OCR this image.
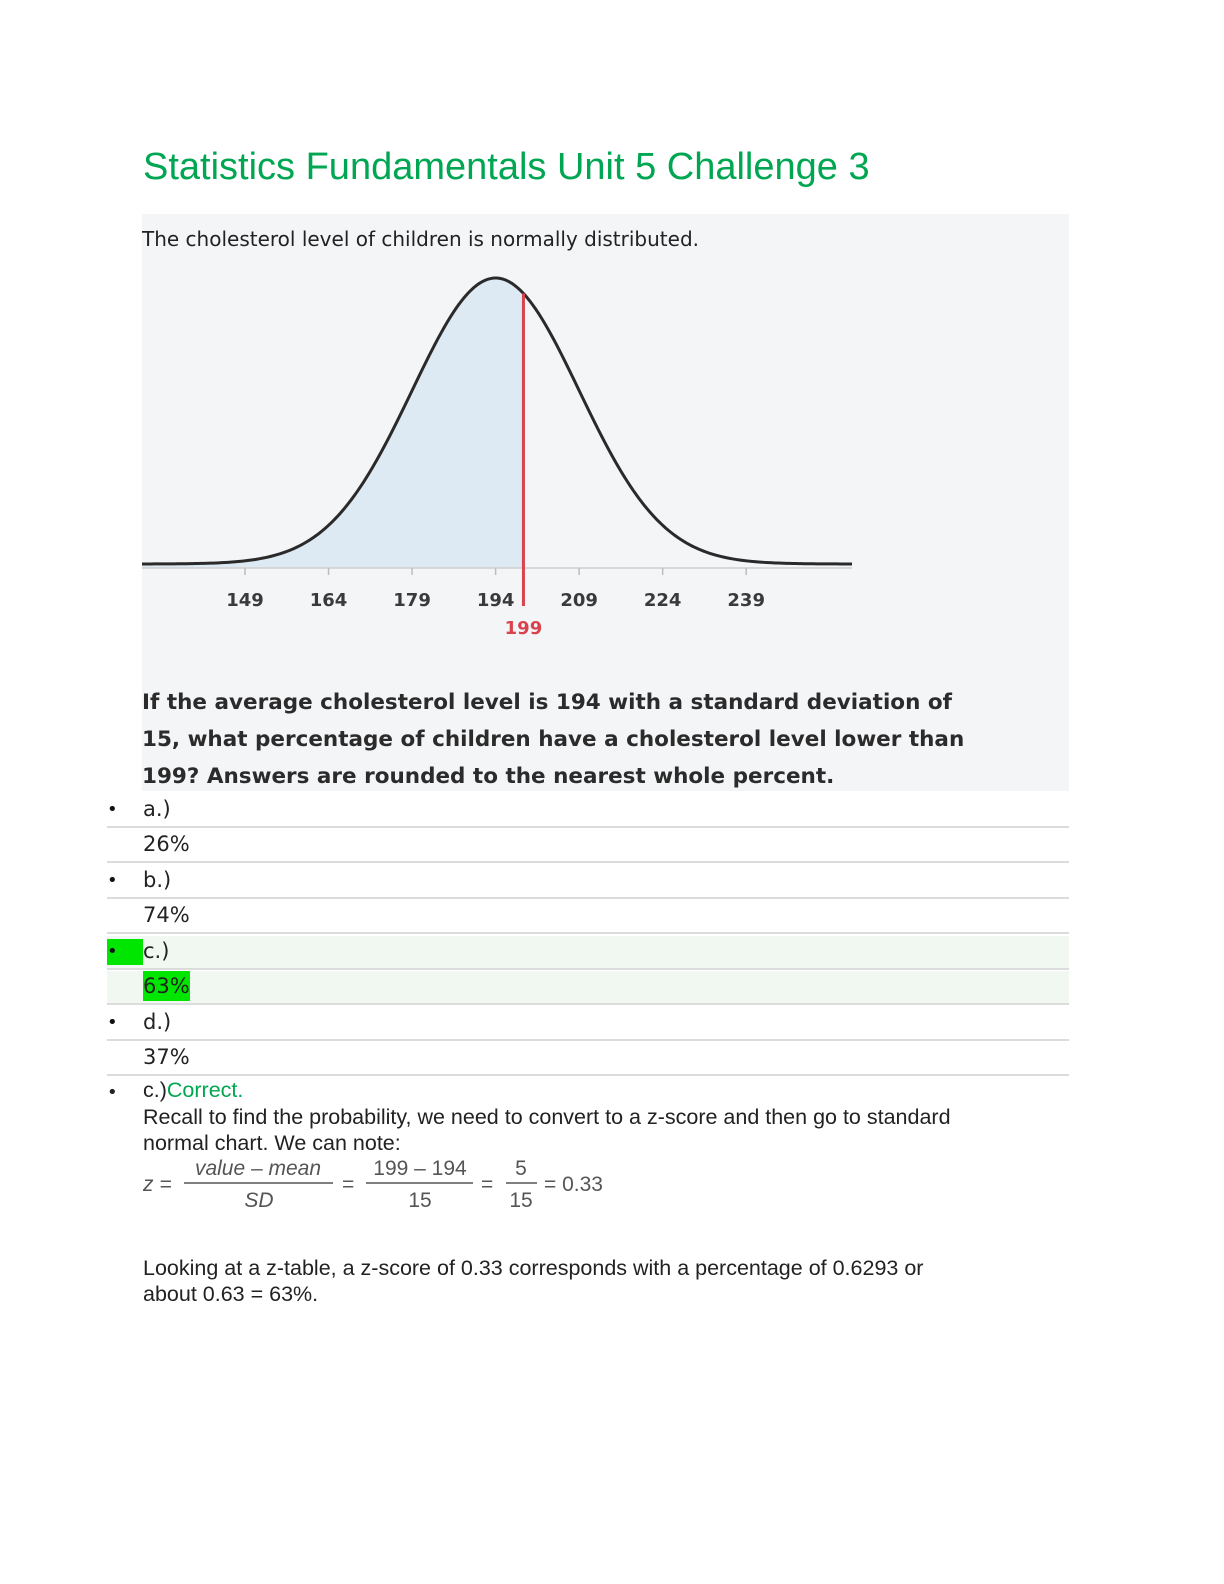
Statistics Fundamentals Unit 5 Challenge 3
The cholesterol level of children is normally distributed.
149	164	179	194	209	224	239
199

If the average cholesterol level is 194 with a standard deviation of
15, what percentage of children have a cholesterol level lower than
199? Answers are rounded to the nearest whole percent.

• a.)
26%
• b.)
74%
• c.)
63%
• d.)
37%
• c.)Correct.

Recall to find the probability, we need to convert to a z-score and then go to standard
normal chart. We can note:

z =
value – mean
SD
=
199 – 194
15
=
5
15
= 0.33

Looking at a z-table, a z-score of 0.33 corresponds with a percentage of 0.6293 or
about 0.63 = 63%.
